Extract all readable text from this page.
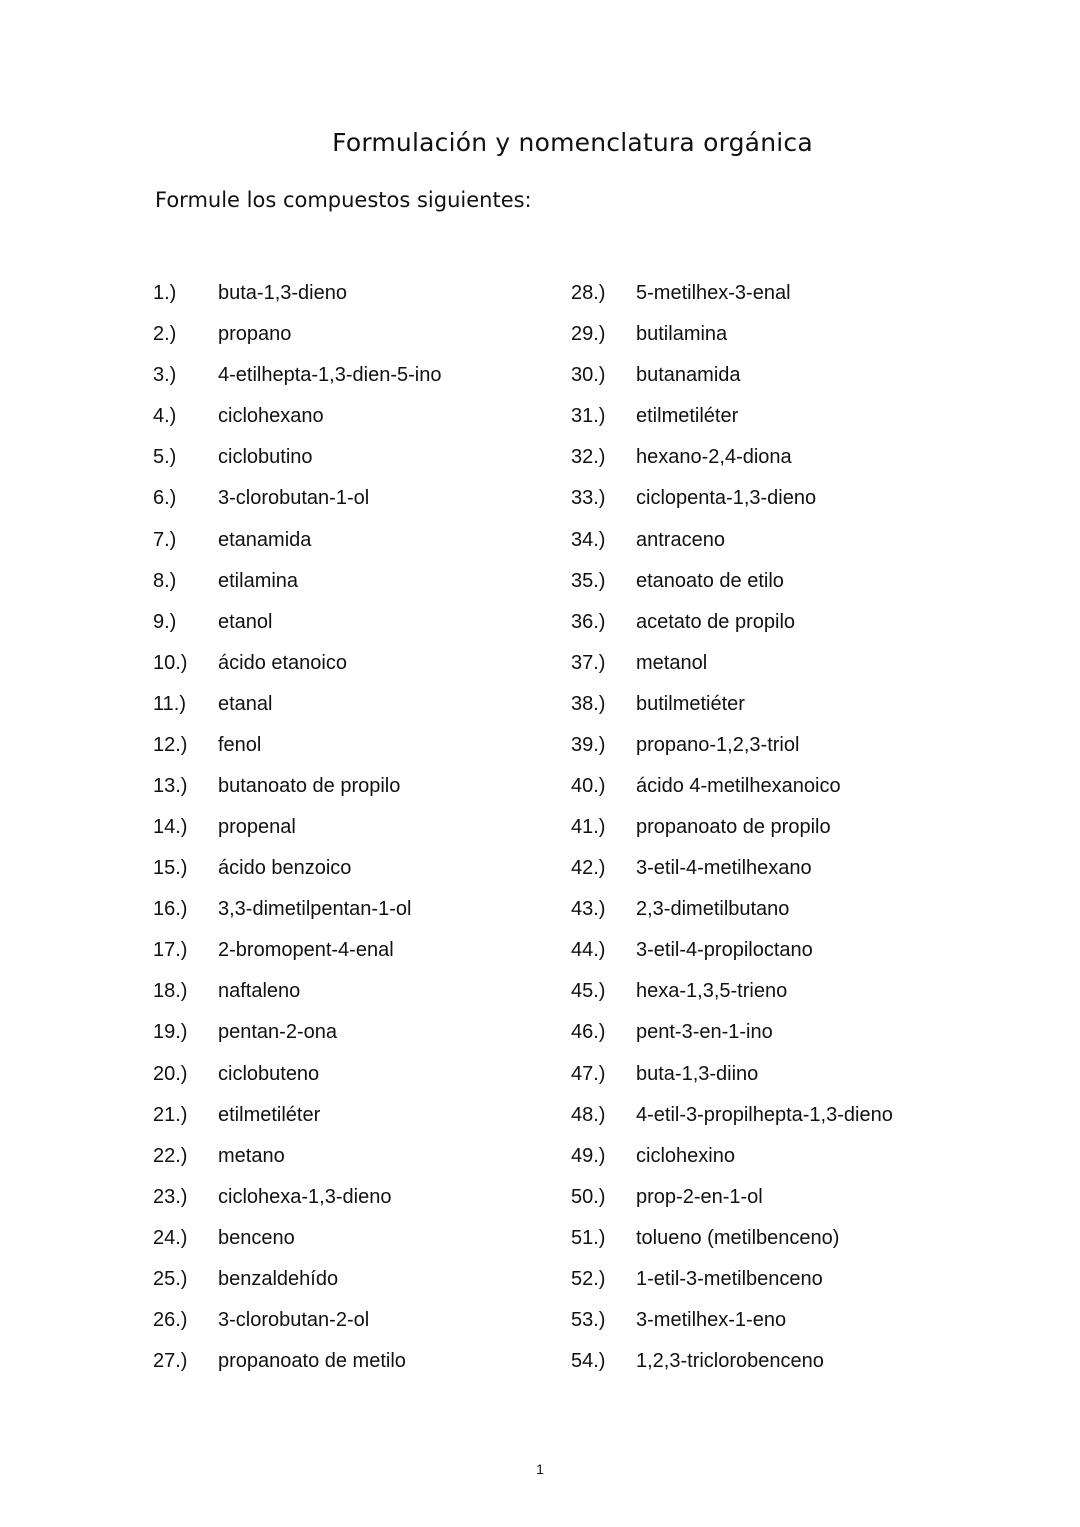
Formulación y nomenclatura orgánica
Formule los compuestos siguientes:
1.)	buta-1,3-dieno
2.)	propano
3.)	4-etilhepta-1,3-dien-5-ino
4.)	ciclohexano
5.)	ciclobutino
6.)	3-clorobutan-1-ol
7.)	etanamida
8.)	etilamina
9.)	etanol
10.)	ácido etanoico
11.)	etanal
12.)	fenol
13.)	butanoato de propilo
14.)	propenal
15.)	ácido benzoico
16.)	3,3-dimetilpentan-1-ol
17.)	2-bromopent-4-enal
18.)	naftaleno
19.)	pentan-2-ona
20.)	ciclobuteno
21.)	etilmetiléter
22.)	metano
23.)	ciclohexa-1,3-dieno
24.)	benceno
25.)	benzaldehído
26.)	3-clorobutan-2-ol
27.)	propanoato de metilo
28.)	5-metilhex-3-enal
29.)	butilamina
30.)	butanamida
31.)	etilmetiléter
32.)	hexano-2,4-diona
33.)	ciclopenta-1,3-dieno
34.)	antraceno
35.)	etanoato de etilo
36.)	acetato de propilo
37.)	metanol
38.)	butilmetiéter
39.)	propano-1,2,3-triol
40.)	ácido 4-metilhexanoico
41.)	propanoato de propilo
42.)	3-etil-4-metilhexano
43.)	2,3-dimetilbutano
44.)	3-etil-4-propiloctano
45.)	hexa-1,3,5-trieno
46.)	pent-3-en-1-ino
47.)	buta-1,3-diino
48.)	4-etil-3-propilhepta-1,3-dieno
49.)	ciclohexino
50.)	prop-2-en-1-ol
51.)	tolueno (metilbenceno)
52.)	1-etil-3-metilbenceno
53.)	3-metilhex-1-eno
54.)	1,2,3-triclorobenceno
1
